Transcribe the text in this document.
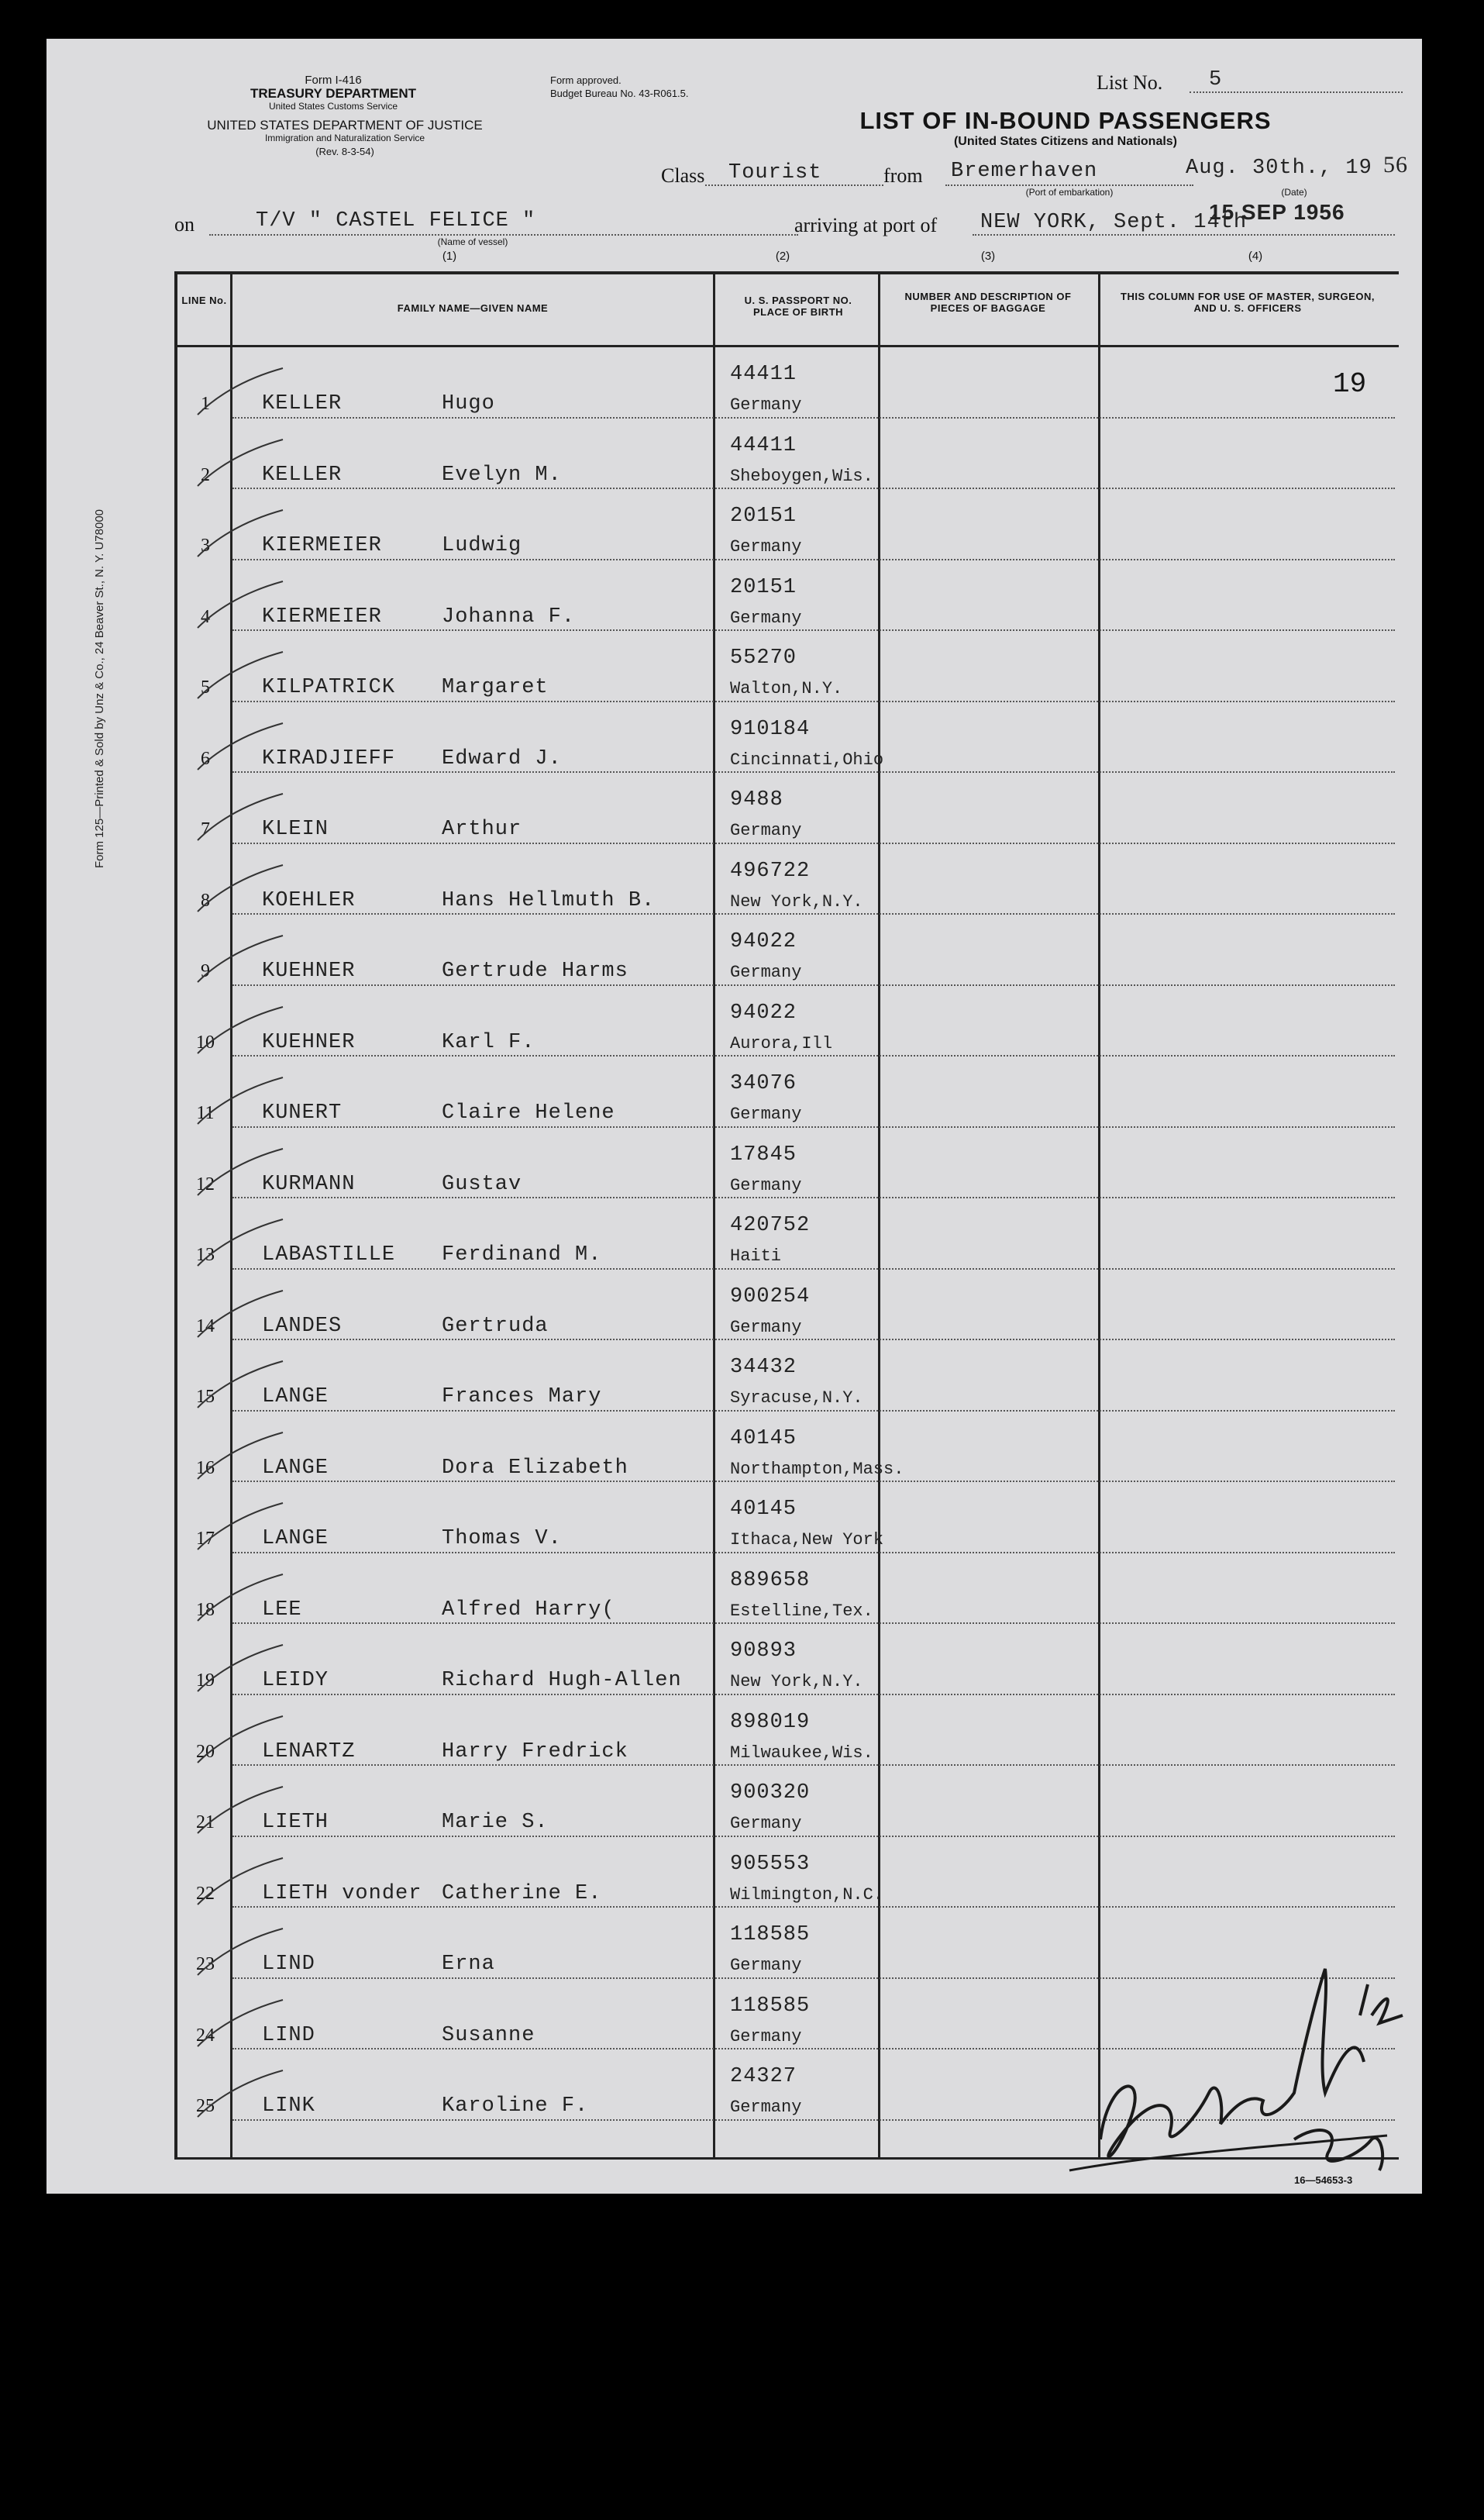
Form I-416
TREASURY DEPARTMENT
United States Customs Service
UNITED STATES DEPARTMENT OF JUSTICE
Immigration and Naturalization Service
(Rev. 8-3-54)
Form approved.
Budget Bureau No. 43-R061.5.	List No. 5
LIST OF IN-BOUND PASSENGERS
(United States Citizens and Nationals)
Class Tourist	from Bremerhaven
(Port of embarkation)
Aug. 30th., 19 56
(Date)
on	T/V " CASTEL FELICE "
(Name of vessel)
arriving at port of NEW YORK, Sept. 14th
15 SEP 1956
(1)	(2)	(3)	(4)
LINE No.
FAMILY NAME—GIVEN NAME
U. S. PASSPORT NO. PLACE OF BIRTH
NUMBER AND DESCRIPTION OF PIECES OF BAGGAGE
THIS COLUMN FOR USE OF MASTER, SURGEON, AND U. S. OFFICERS
1	KELLER	Hugo
44411
Germany
2	KELLER	Evelyn M.
44411
Sheboygen,Wis.
3	KIERMEIER	Ludwig
20151
Germany
4	KIERMEIER	Johanna F.
20151
Germany
5	KILPATRICK Margaret
55270
Walton,N.Y.
6	KIRADJIEFF Edward J.
910184
Cincinnati,Ohio
7	KLEIN	Arthur
9488
Germany
8	KOEHLER	Hans Hellmuth B.
496722
New York,N.Y.
9	KUEHNER	Gertrude Harms
94022
Germany
10	KUEHNER	Karl F.
94022
Aurora,Ill
11	KUNERT	Claire Helene
34076
Germany
12	KURMANN	Gustav
17845
Germany
13	LABASTILLE Ferdinand M.
420752
Haiti
14	LANDES	Gertruda
900254
Germany
15	LANGE	Frances Mary
34432
Syracuse,N.Y.
16	LANGE	Dora Elizabeth
40145
Northampton,Mass.
17	LANGE	Thomas V.
40145
Ithaca,New York
18	LEE	Alfred Harry(
889658
Estelline,Tex.
19	LEIDY	Richard Hugh-Allen
90893
New York,N.Y.
20	LENARTZ	Harry Fredrick
898019
Milwaukee,Wis.
21	LIETH	Marie S.
900320
Germany
22	LIETH vonder Catherine E.
905553
Wilmington,N.C.
23	LIND	Erna
118585
Germany
24	LIND	Susanne
118585
Germany
25	LINK	Karoline F.
24327
Germany
19
16—54653-3
Form 125—Printed & Sold by Unz & Co., 24 Beaver St., N. Y. U78000
